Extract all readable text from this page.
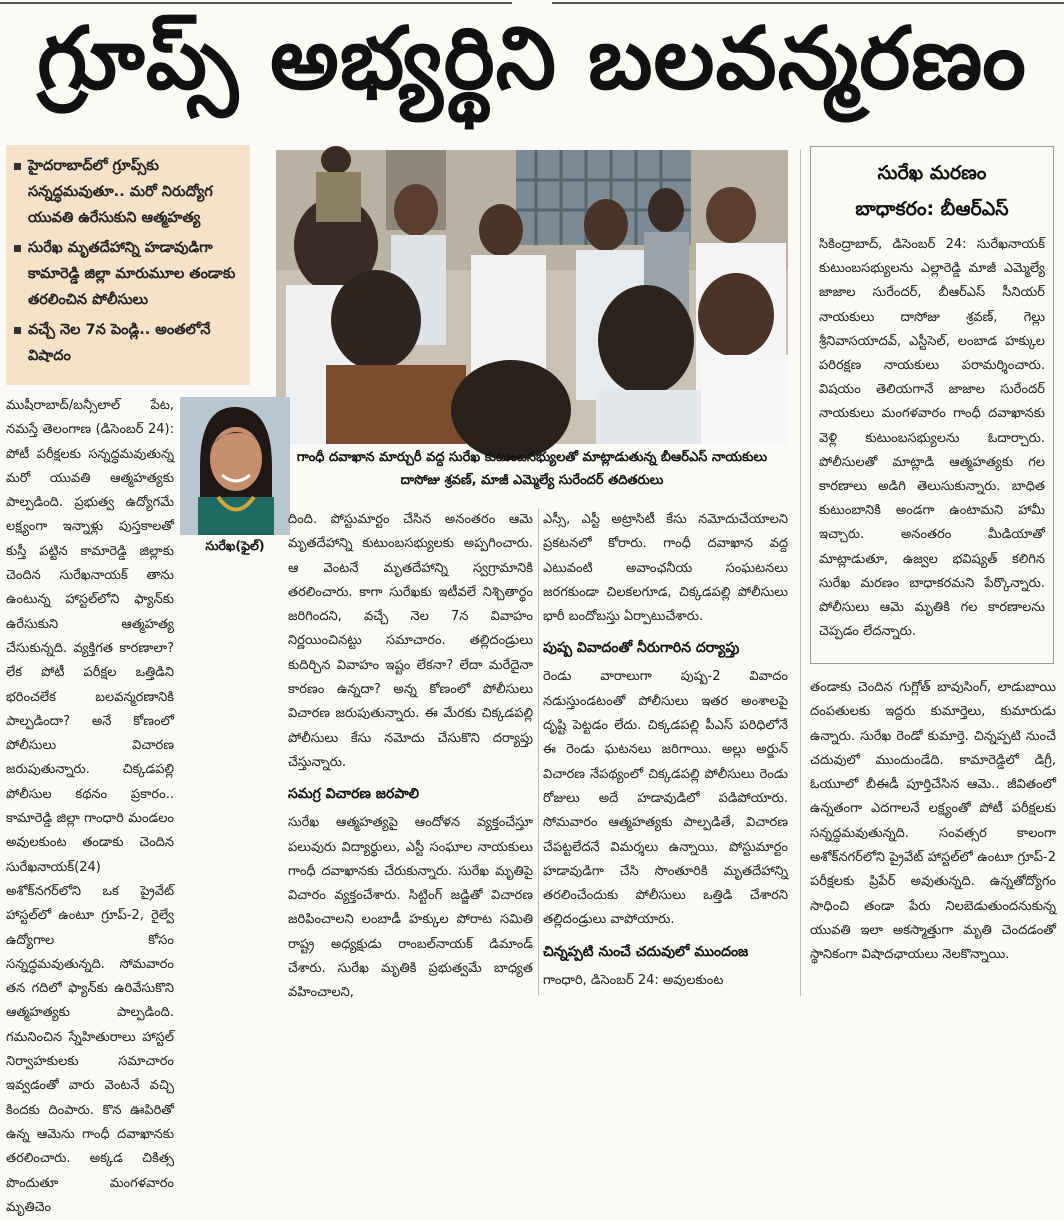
గ్రూప్స్ అభ్యర్థిని బలవన్మరణం
హైదరాబాద్‌లో గ్రూప్స్‌కు సన్నద్ధమవుతూ.. మరో నిరుద్యోగ యువతి ఉరేసుకుని ఆత్మహత్య
సురేఖ మృతదేహాన్ని హడావుడిగా కామారెడ్డి జిల్లా మారుమూల తండాకు తరలించిన పోలీసులు
వచ్చే నెల 7న పెండ్లి.. అంతలోనే విషాదం
గాంధీ దవాఖాన మార్చురీ వద్ద సురేఖ కుటుంబసభ్యులతో మాట్లాడుతున్న బీఆర్‌ఎస్ నాయకులు దాసోజు శ్రవణ్, మాజీ ఎమ్మెల్యే సురేందర్ తదితరులు
సురేఖ(ఫైల్)

ముషీరాబాద్/బన్సీలాల్ పేట, నమస్తే తెలంగాణ (డిసెంబర్ 24): పోటీ పరీక్షలకు సన్నద్ధమవుతున్న మరో యువతి ఆత్మహత్యకు పాల్పడింది. ప్రభుత్వ ఉద్యోగమే లక్ష్యంగా ఇన్నాళ్లు పుస్తకాలతో కుస్తీ పట్టిన కామారెడ్డి జిల్లాకు చెందిన సురేఖనాయక్ తాను ఉంటున్న హాస్టల్‌లోని ఫ్యాన్‌కు ఉరేసుకుని ఆత్మహత్య చేసుకున్నది. వ్యక్తిగత కారణాలా? లేక పోటీ పరీక్షల ఒత్తిడిని భరించలేక బలవన్మరణానికి పాల్పడిందా? అనే కోణంలో పోలీసులు విచారణ జరుపుతున్నారు. చిక్కడపల్లి పోలీసుల కథనం ప్రకారం.. కామారెడ్డి జిల్లా గాంధారి మండలం అవులకుంట తండాకు చెందిన సురేఖనాయక్(24) అశోక్‌నగర్‌లోని ఒక ప్రైవేట్ హాస్టల్‌లో ఉంటూ గ్రూప్-2, రైల్వే ఉద్యోగాల కోసం సన్నద్ధమవుతున్నది. సోమవారం తన గదిలో ఫ్యాన్‌కు ఉరివేసుకొని ఆత్మహత్యకు పాల్పడింది. గమనించిన స్నేహితురాలు హాస్టల్ నిర్వాహకులకు సమాచారం ఇవ్వడంతో వారు వెంటనే వచ్చి కిందకు దింపారు. కొన ఊపిరితో ఉన్న ఆమెను గాంధీ దవాఖానకు తరలించారు. అక్కడ చికిత్స పొందుతూ మంగళవారం మృతిచెం

దింది. పోస్టుమార్టం చేసిన అనంతరం ఆమె మృతదేహాన్ని కుటుంబసభ్యులకు అప్పగించారు. ఆ వెంటనే మృతదేహాన్ని స్వగ్రామానికి తరలించారు. కాగా సురేఖకు ఇటీవలే నిశ్చితార్థం జరిగిందని, వచ్చే నెల 7న వివాహం నిర్ణయించినట్టు సమాచారం. తల్లిదండ్రులు కుదిర్చిన వివాహం ఇష్టం లేకనా? లేదా మరేదైనా కారణం ఉన్నదా? అన్న కోణంలో పోలీసులు విచారణ జరుపుతున్నారు. ఈ మేరకు చిక్కడపల్లి పోలీసులు కేసు నమోదు చేసుకొని దర్యాప్తు చేస్తున్నారు.

సమగ్ర విచారణ జరపాలి

సురేఖ ఆత్మహత్యపై ఆందోళన వ్యక్తంచేస్తూ పలువురు విద్యార్థులు, ఎస్టీ సంఘాల నాయకులు గాంధీ దవాఖానకు చేరుకున్నారు. సురేఖ మృతిపై విచారం వ్యక్తంచేశారు. సిట్టింగ్ జడ్జితో విచారణ జరిపించాలని లంబాడీ హక్కుల పోరాట సమితి రాష్ట్ర అధ్యక్షుడు రాంబల్‌నాయక్ డిమాండ్ చేశారు. సురేఖ మృతికి ప్రభుత్వమే బాధ్యత వహించాలని,

ఎస్సీ, ఎస్టీ అట్రాసిటీ కేసు నమోదుచేయాలని ప్రకటనలో కోరారు. గాంధీ దవాఖాన వద్ద ఎటువంటి అవాంఛనీయ సంఘటనలు జరగకుండా చిలకలగూడ, చిక్కడపల్లి పోలీసులు భారీ బందోబస్తు ఏర్పాటుచేశారు.

పుష్ప వివాదంతో నీరుగారిన దర్యాప్తు

రెండు వారాలుగా పుష్ప-2 వివాదం నడుస్తుండటంతో పోలీసులు ఇతర అంశాలపై దృష్టి పెట్టడం లేదు. చిక్కడపల్లి పీఎస్ పరిధిలోనే ఈ రెండు ఘటనలు జరిగాయి. అల్లు అర్జున్ విచారణ నేపథ్యంలో చిక్కడపల్లి పోలీసులు రెండు రోజులు అదే హడావుడిలో పడిపోయారు. సోమవారం ఆత్మహత్యకు పాల్పడితే, విచారణ చేపట్టలేదనే విమర్శలు ఉన్నాయి. పోస్టుమార్టం హడావుడిగా చేసి సొంతూరికి మృతదేహాన్ని తరలించేందుకు పోలీసులు ఒత్తిడి చేశారని తల్లిదండ్రులు వాపోయారు.

చిన్నప్పటి నుంచే చదువులో ముందంజ

గాంధారి, డిసెంబర్ 24: అవులకుంట

తండాకు చెందిన గుగ్లోత్ బావుసింగ్, లాడుబాయి దంపతులకు ఇద్దరు కుమార్తెలు, కుమారుడు ఉన్నారు. సురేఖ రెండో కుమార్తె. చిన్నప్పటి నుంచే చదువులో ముందుండేది. కామారెడ్డిలో డిగ్రీ, ఓయూలో బీఈడీ పూర్తిచేసిన ఆమె.. జీవితంలో ఉన్నతంగా ఎదగాలనే లక్ష్యంతో పోటీ పరీక్షలకు సన్నద్ధమవుతున్నది. సంవత్సర కాలంగా అశోక్‌నగర్‌లోని ప్రైవేట్ హాస్టల్‌లో ఉంటూ గ్రూప్-2 పరీక్షలకు ప్రిపేర్ అవుతున్నది. ఉన్నతోద్యోగం సాధించి తండా పేరు నిలబెడుతుందనుకున్న యువతి ఇలా అకస్మాత్తుగా మృతి చెందడంతో స్థానికంగా విషాదఛాయలు నెలకొన్నాయి.

సురేఖ మరణం
బాధాకరం: బీఆర్‌ఎస్
సికింద్రాబాద్, డిసెంబర్ 24: సురేఖనాయక్ కుటుంబసభ్యులను ఎల్లారెడ్డి మాజీ ఎమ్మెల్యే జాజాల సురేందర్, బీఆర్‌ఎస్ సీనియర్ నాయకులు దాసోజు శ్రవణ్, గెల్లు శ్రీనివాసయాదవ్, ఎస్టీసెల్, లంబాడ హక్కుల పరిరక్షణ నాయకులు పరామర్శించారు. విషయం తెలియగానే జాజాల సురేందర్ నాయకులు మంగళవారం గాంధీ దవాఖానకు వెళ్లి కుటుంబసభ్యులను ఓదార్చారు. పోలీసులతో మాట్లాడి ఆత్మహత్యకు గల కారణాలు అడిగి తెలుసుకున్నారు. బాధిత కుటుంబానికి అండగా ఉంటామని హామీ ఇచ్చారు. అనంతరం మీడియాతో మాట్లాడుతూ, ఉజ్వల భవిష్యత్ కలిగిన సురేఖ మరణం బాధాకరమని పేర్కొన్నారు. పోలీసులు ఆమె మృతికి గల కారణాలను చెప్పడం లేదన్నారు.
